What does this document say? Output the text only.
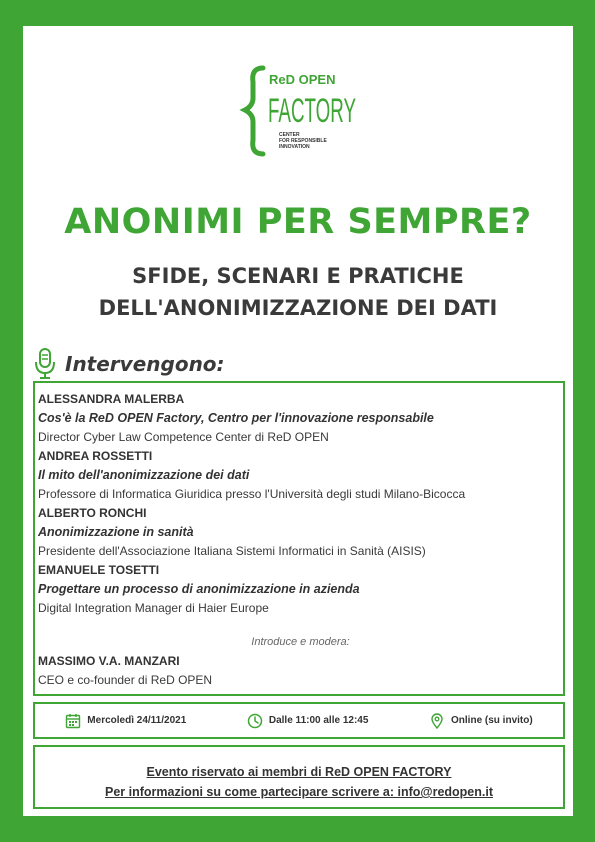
ReD OPEN
FACTORY
CENTER
FOR RESPONSIBLE
INNOVATION
ANONIMI PER SEMPRE?
SFIDE, SCENARI E PRATICHE
DELL'ANONIMIZZAZIONE DEI DATI
Intervengono:
ALESSANDRA MALERBA
Cos'è la ReD OPEN Factory, Centro per l'innovazione responsabile
Director Cyber Law Competence Center di ReD OPEN
ANDREA ROSSETTI
Il mito dell'anonimizzazione dei dati
Professore di Informatica Giuridica presso l'Università degli studi Milano-Bicocca
ALBERTO RONCHI
Anonimizzazione in sanità
Presidente dell'Associazione Italiana Sistemi Informatici in Sanità (AISIS)
EMANUELE TOSETTI
Progettare un processo di anonimizzazione in azienda
Digital Integration Manager di Haier Europe
Introduce e modera:
MASSIMO V.A. MANZARI
CEO e co-founder di ReD OPEN
Mercoledì 24/11/2021	Dalle 11:00 alle 12:45	Online (su invito)
Evento riservato ai membri di ReD OPEN FACTORY
Per informazioni su come partecipare scrivere a: info@redopen.it
